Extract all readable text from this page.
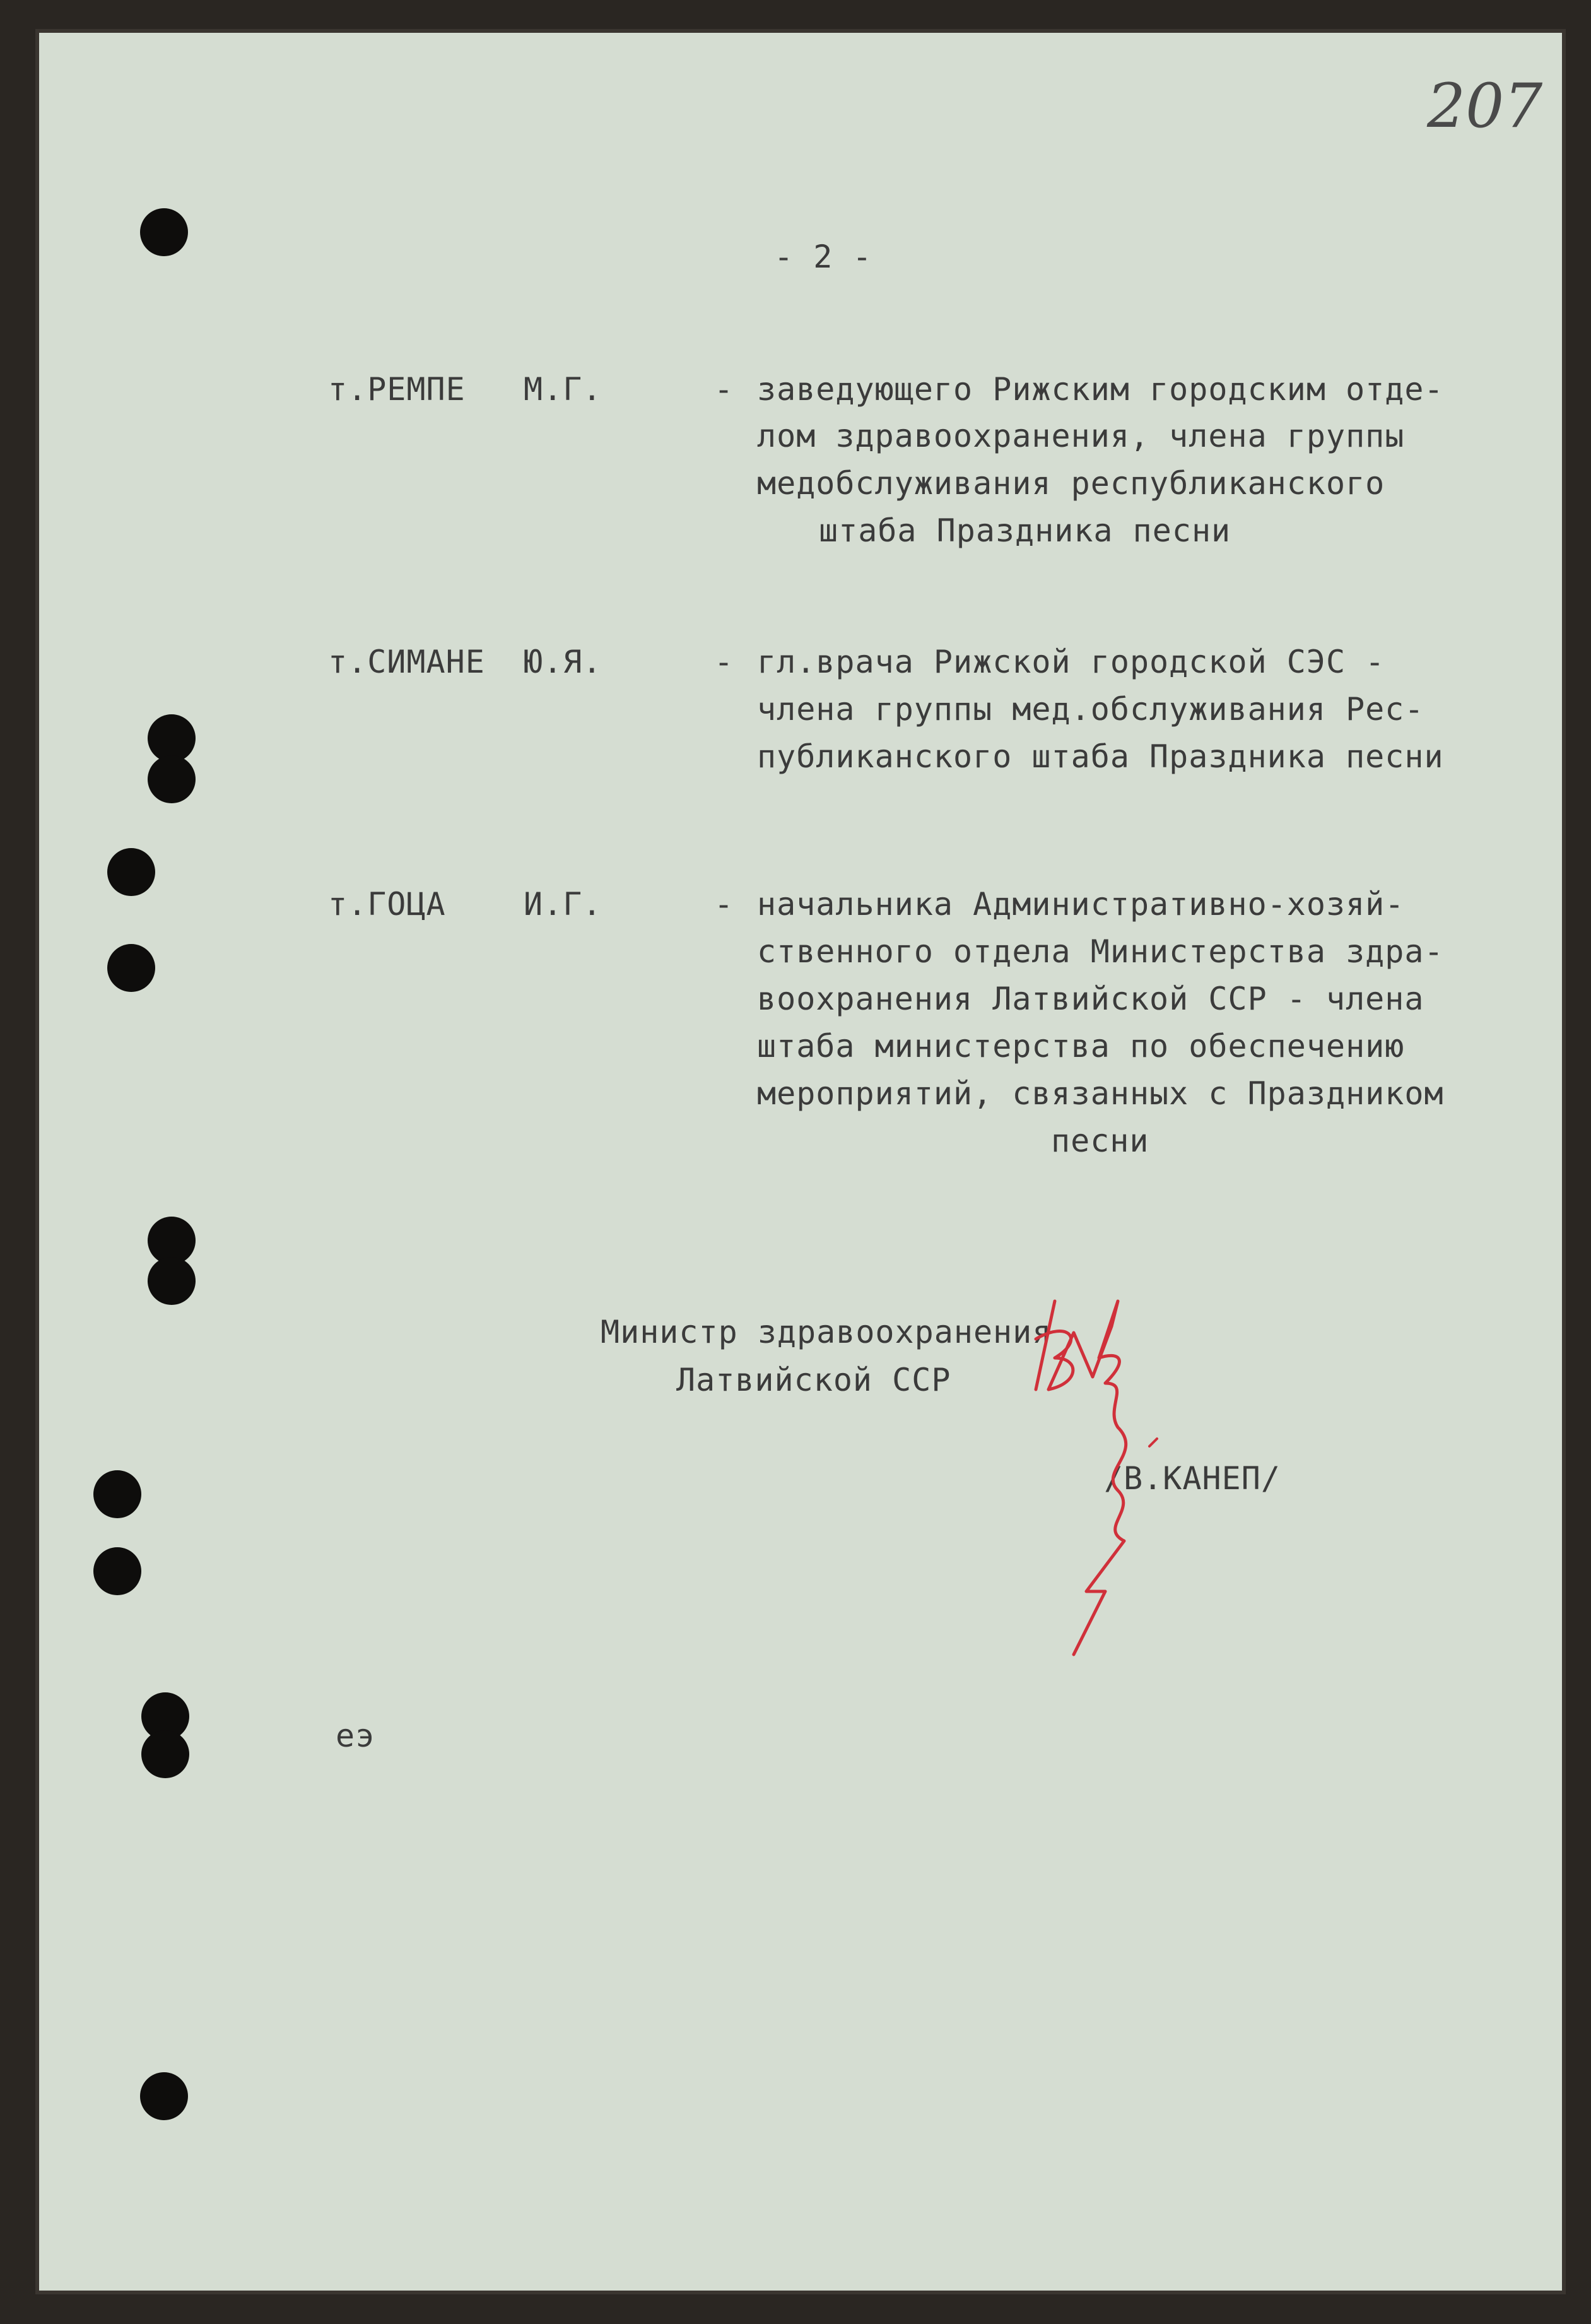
207
- 2 -
т.РЕМПЕ М.Г.	- заведующего Рижским городским отде-
лом здравоохранения, члена группы
медобслуживания республиканского
штаба Праздника песни
т.СИМАНЕ Ю.Я.	- гл.врача Рижской городской СЭС -
члена группы мед.обслуживания Рес-
публиканского штаба Праздника песни
т.ГОЦА И.Г.	- начальника Административно-хозяй-
ственного отдела Министерства здра-
воохранения Латвийской ССР - члена
штаба министерства по обеспечению
мероприятий, связанных с Праздником
песни
Министр здравоохранения
Латвийской ССР
/В.КАНЕП/
еэ
